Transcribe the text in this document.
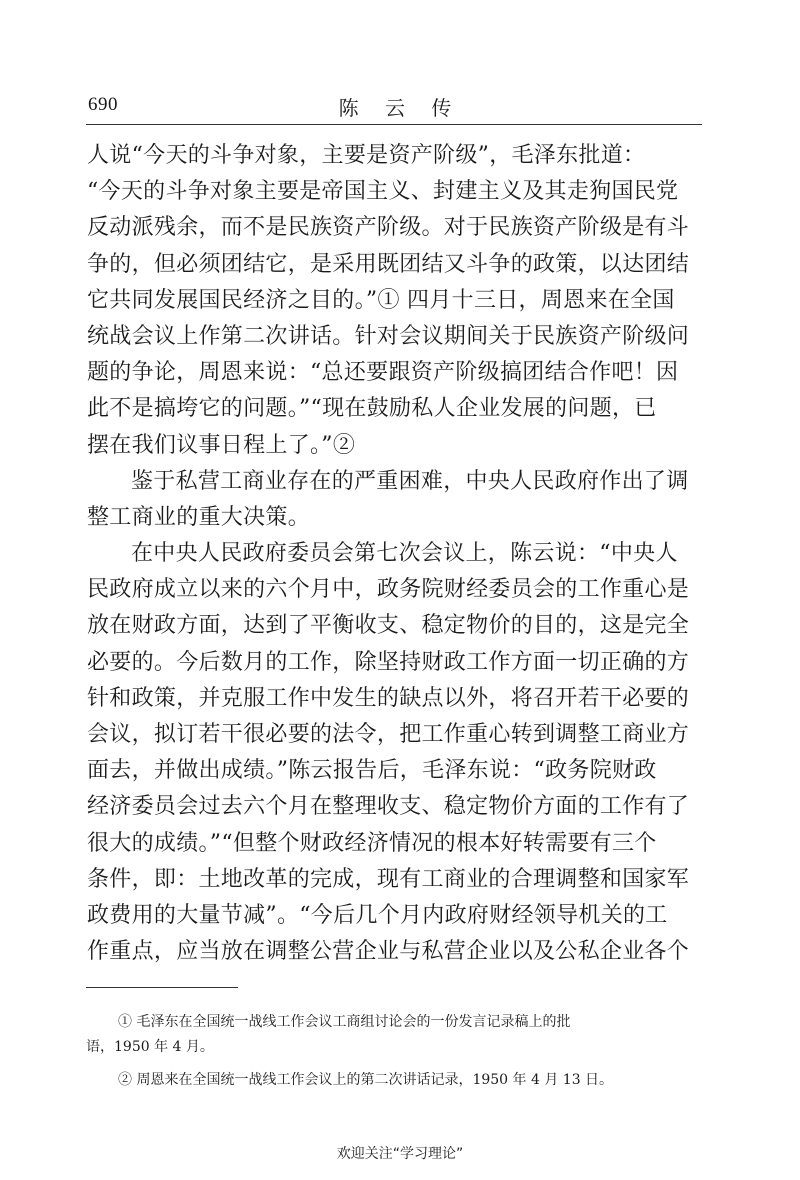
690	陈 云 传
人说“今天的斗争对象，主要是资产阶级”，毛泽东批道：
“今天的斗争对象主要是帝国主义、封建主义及其走狗国民党
反动派残余，而不是民族资产阶级。对于民族资产阶级是有斗
争的，但必须团结它，是采用既团结又斗争的政策，以达团结
它共同发展国民经济之目的。”① 四月十三日，周恩来在全国
统战会议上作第二次讲话。针对会议期间关于民族资产阶级问
题的争论，周恩来说：“总还要跟资产阶级搞团结合作吧！因
此不是搞垮它的问题。”“现在鼓励私人企业发展的问题，已
摆在我们议事日程上了。”②
鉴于私营工商业存在的严重困难，中央人民政府作出了调
整工商业的重大决策。
在中央人民政府委员会第七次会议上，陈云说：“中央人
民政府成立以来的六个月中，政务院财经委员会的工作重心是
放在财政方面，达到了平衡收支、稳定物价的目的，这是完全
必要的。今后数月的工作，除坚持财政工作方面一切正确的方
针和政策，并克服工作中发生的缺点以外，将召开若干必要的
会议，拟订若干很必要的法令，把工作重心转到调整工商业方
面去，并做出成绩。”陈云报告后，毛泽东说：“政务院财政
经济委员会过去六个月在整理收支、稳定物价方面的工作有了
很大的成绩。”“但整个财政经济情况的根本好转需要有三个
条件，即：土地改革的完成，现有工商业的合理调整和国家军
政费用的大量节减”。“今后几个月内政府财经领导机关的工
作重点，应当放在调整公营企业与私营企业以及公私企业各个
① 毛泽东在全国统一战线工作会议工商组讨论会的一份发言记录稿上的批
语，1950 年 4 月。
② 周恩来在全国统一战线工作会议上的第二次讲话记录，1950 年 4 月 13 日。
欢迎关注“学习理论”
